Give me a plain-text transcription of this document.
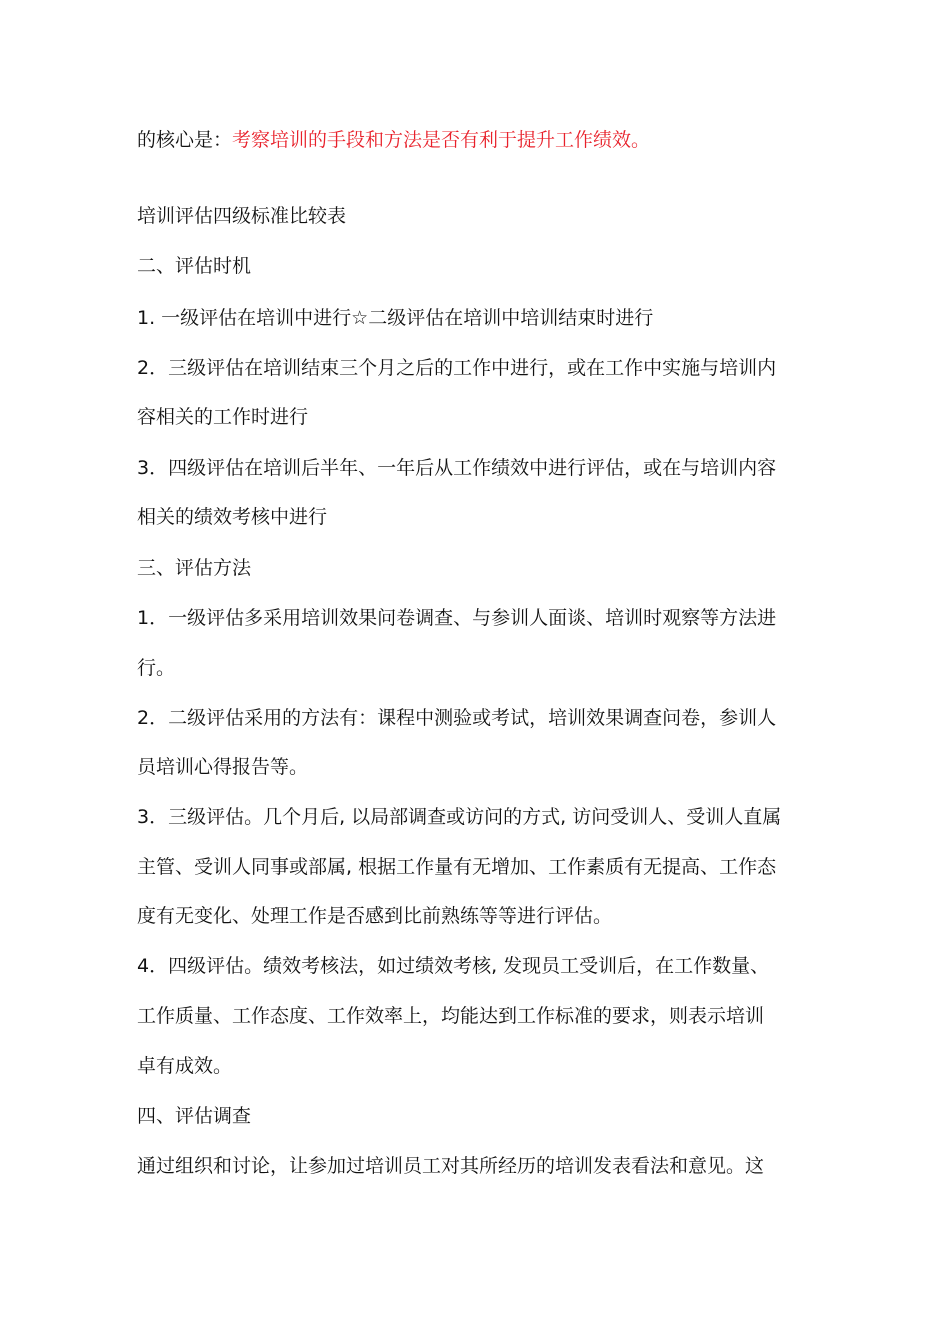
的核心是：考察培训的手段和方法是否有利于提升工作绩效。
培训评估四级标准比较表
二、评估时机
1. 一级评估在培训中进行☆二级评估在培训中培训结束时进行
2．三级评估在培训结束三个月之后的工作中进行，或在工作中实施与培训内
容相关的工作时进行
3．四级评估在培训后半年、一年后从工作绩效中进行评估，或在与培训内容
相关的绩效考核中进行
三、评估方法
1．一级评估多采用培训效果问卷调查、与参训人面谈、培训时观察等方法进
行。
2．二级评估采用的方法有：课程中测验或考试，培训效果调查问卷，参训人
员培训心得报告等。
3．三级评估。几个月后, 以局部调查或访问的方式, 访问受训人、受训人直属
主管、受训人同事或部属, 根据工作量有无增加、工作素质有无提高、工作态
度有无变化、处理工作是否感到比前熟练等等进行评估。
4．四级评估。绩效考核法，如过绩效考核, 发现员工受训后，在工作数量、
工作质量、工作态度、工作效率上，均能达到工作标准的要求，则表示培训
卓有成效。
四、评估调查
通过组织和讨论，让参加过培训员工对其所经历的培训发表看法和意见。这
